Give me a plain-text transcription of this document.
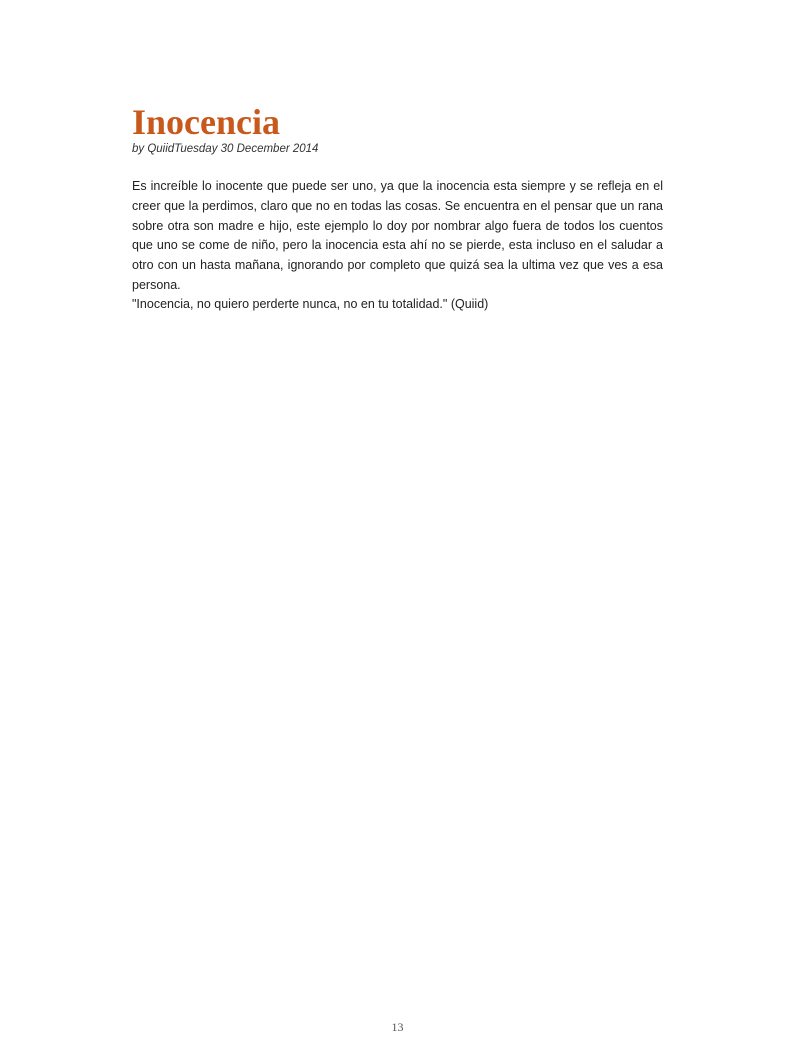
Inocencia

by QuiidTuesday 30 December 2014

Es increíble lo inocente que puede ser uno, ya que la inocencia esta siempre y se refleja en el creer que la perdimos, claro que no en todas las cosas. Se encuentra en el pensar que un rana sobre otra son madre e hijo, este ejemplo lo doy por nombrar algo fuera de todos los cuentos que uno se come de niño, pero la inocencia esta ahí no se pierde, esta incluso en el saludar a otro con un hasta mañana, ignorando por completo que quizá sea la ultima vez que ves a esa persona.

"Inocencia, no quiero perderte nunca, no en tu totalidad." (Quiid)

13
